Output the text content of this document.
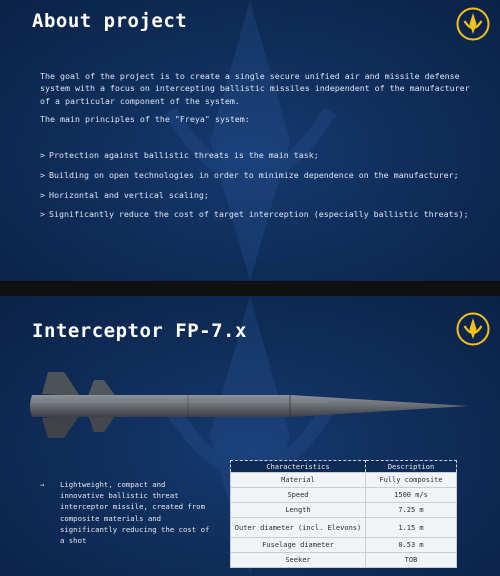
About project

The goal of the project is to create a single secure unified air and missile defense system with a focus on intercepting ballistic missiles independent of the manufacturer of a particular component of the system.

The main principles of the "Freya" system:

> Protection against ballistic threats is the main task;
> Building on open technologies in order to minimize dependence on the manufacturer;
> Horizontal and vertical scaling;
> Significantly reduce the cost of target interception (especially ballistic threats);
Interceptor FP-7.x
→	Lightweight, compact and innovative ballistic threat interceptor missile, created from composite materials and significantly reducing the cost of a shot
Characteristics	Description
Material	Fully composite
Speed	1500 m/s
Length	7.25 m
Outer diameter (incl. Elevons)	1.15 m
Fuselage diameter	0.53 m
Seeker	TOB
